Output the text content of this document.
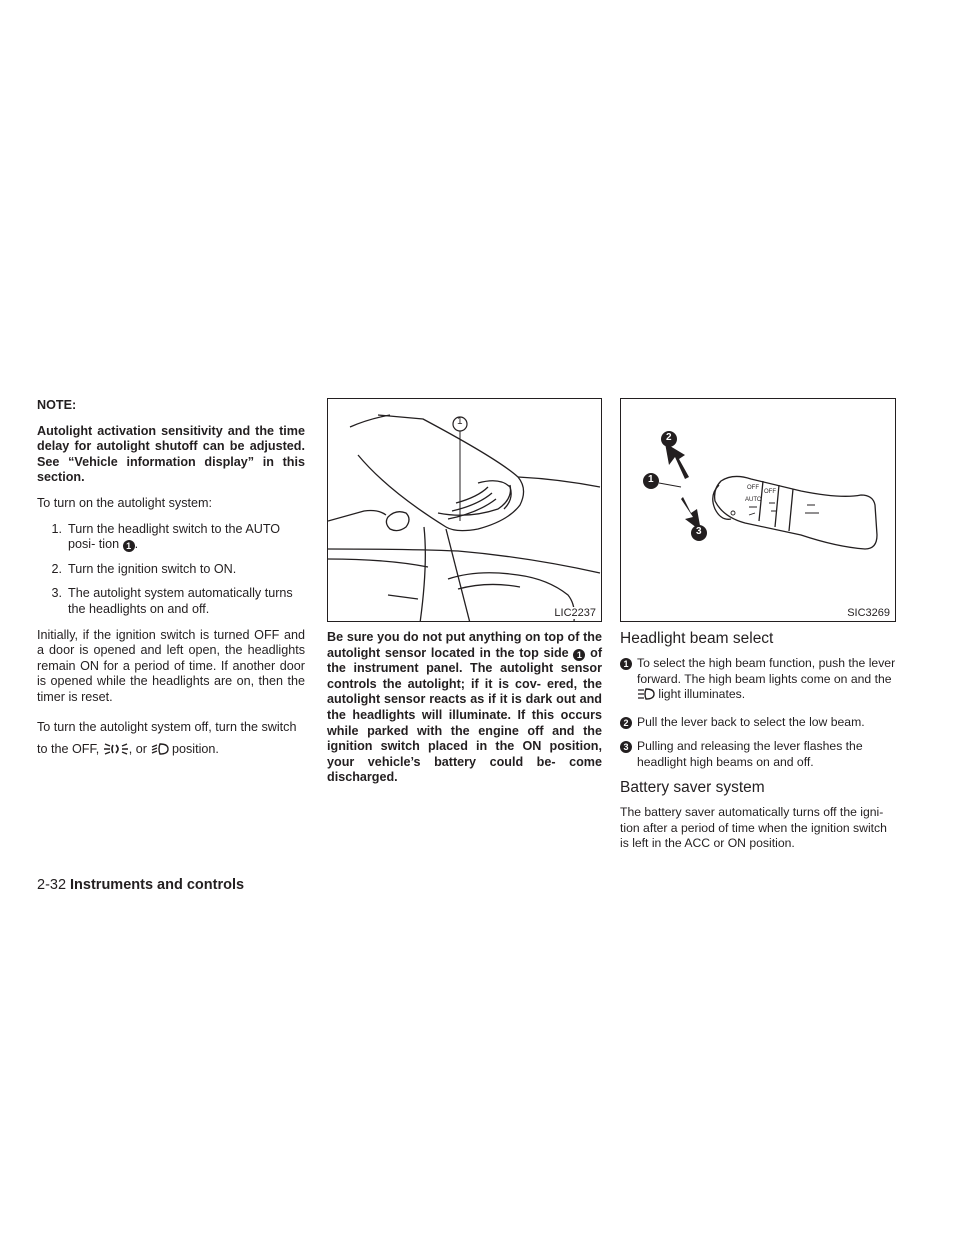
NOTE:

Autolight activation sensitivity and the time delay for autolight shutoff can be adjusted. See “Vehicle information display” in this section.

To turn on the autolight system:

1. Turn the headlight switch to the AUTO posi- tion 1 .
2. Turn the ignition switch to ON.
3. The autolight system automatically turns the headlights on and off.

Initially, if the ignition switch is turned OFF and a door is opened and left open, the headlights remain ON for a period of time. If another door is opened while the headlights are on, then the timer is reset.

To turn the autolight system off, turn the switch to the OFF, , or position.

1
LIC2237

Be sure you do not put anything on top of the autolight sensor located in the top side 1 of the instrument panel. The autolight sensor controls the autolight; if it is cov- ered, the autolight sensor reacts as if it is dark out and the headlights will illuminate. If this occurs while parked with the engine off and the ignition switch placed in the ON position, your vehicle’s battery could be- come discharged.

OFF
OFF
AUTO
2
1
3
SIC3269
Headlight beam select
1 To select the high beam function, push the lever forward. The high beam lights come on and the  light illuminates.
2 Pull the lever back to select the low beam.
3 Pulling and releasing the lever flashes the headlight high beams on and off.
Battery saver system

The battery saver automatically turns off the igni- tion after a period of time when the ignition switch is left in the ACC or ON position.

2-32 Instruments and controls
